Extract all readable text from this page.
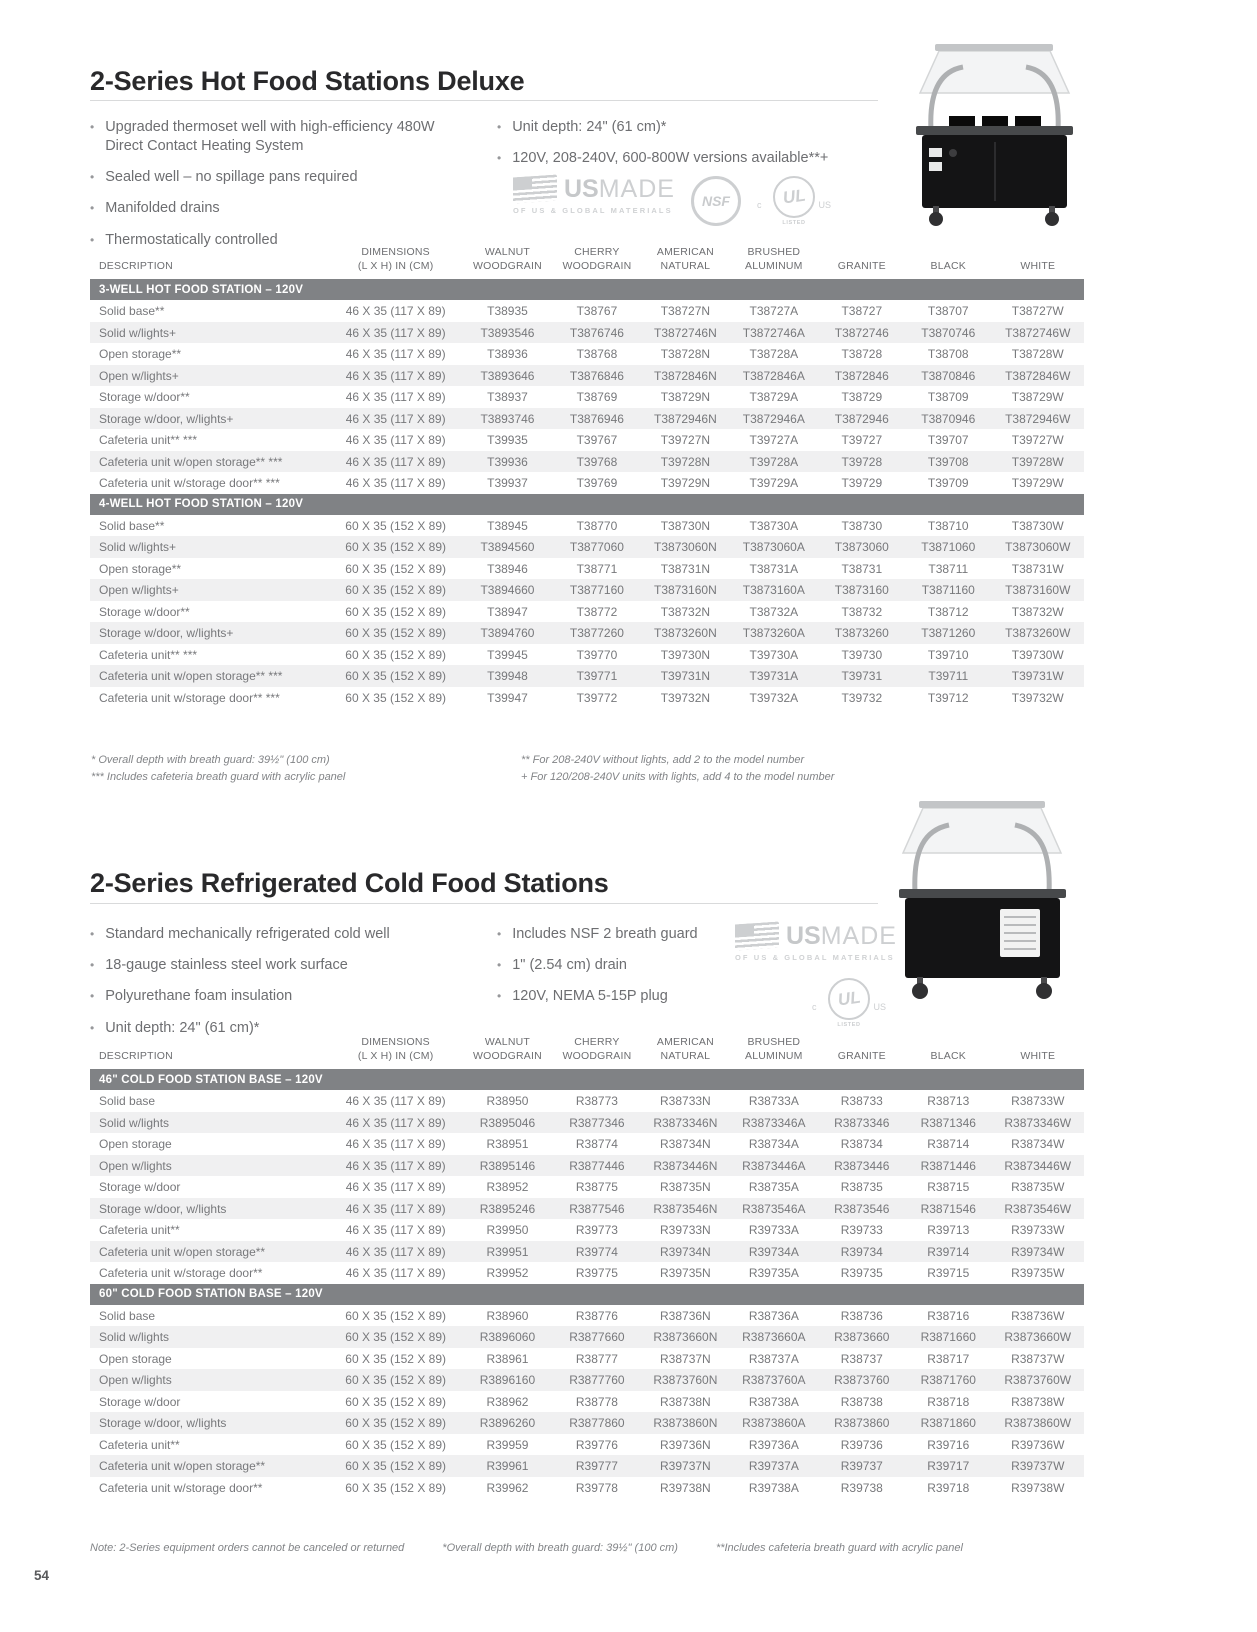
2-Series Hot Food Stations Deluxe
• Upgraded thermoset well with high-efficiency 480W Direct Contact Heating System
• Sealed well – no spillage pans required
• Manifolded drains
• Thermostatically controlled
• Unit depth: 24" (61 cm)*
• 120V, 208-240V, 600-800W versions available**+
USMADE
OF US & GLOBAL MATERIALS
NSF	UL
c	US
LISTED
DESCRIPTION

DIMENSIONS
(L X H) IN (CM)

WALNUT
WOODGRAIN

CHERRY
WOODGRAIN

AMERICAN
NATURAL

BRUSHED
ALUMINUM	GRANITE	BLACK	WHITE

3-WELL HOT FOOD STATION – 120V								
Solid base**	46 X 35 (117 X 89)	T38935	T38767	T38727N	T38727A	T38727	T38707	T38727W
Solid w/lights+	46 X 35 (117 X 89)	T3893546	T3876746	T3872746N	T3872746A	T3872746	T3870746	T3872746W
Open storage**	46 X 35 (117 X 89)	T38936	T38768	T38728N	T38728A	T38728	T38708	T38728W
Open w/lights+	46 X 35 (117 X 89)	T3893646	T3876846	T3872846N	T3872846A	T3872846	T3870846	T3872846W
Storage w/door**	46 X 35 (117 X 89)	T38937	T38769	T38729N	T38729A	T38729	T38709	T38729W
Storage w/door, w/lights+	46 X 35 (117 X 89)	T3893746	T3876946	T3872946N	T3872946A	T3872946	T3870946	T3872946W
Cafeteria unit** ***	46 X 35 (117 X 89)	T39935	T39767	T39727N	T39727A	T39727	T39707	T39727W
Cafeteria unit w/open storage** ***	46 X 35 (117 X 89)	T39936	T39768	T39728N	T39728A	T39728	T39708	T39728W
Cafeteria unit w/storage door** ***	46 X 35 (117 X 89)	T39937	T39769	T39729N	T39729A	T39729	T39709	T39729W
4-WELL HOT FOOD STATION – 120V								
Solid base**	60 X 35 (152 X 89)	T38945	T38770	T38730N	T38730A	T38730	T38710	T38730W
Solid w/lights+	60 X 35 (152 X 89)	T3894560	T3877060	T3873060N	T3873060A	T3873060	T3871060	T3873060W
Open storage**	60 X 35 (152 X 89)	T38946	T38771	T38731N	T38731A	T38731	T38711	T38731W
Open w/lights+	60 X 35 (152 X 89)	T3894660	T3877160	T3873160N	T3873160A	T3873160	T3871160	T3873160W
Storage w/door**	60 X 35 (152 X 89)	T38947	T38772	T38732N	T38732A	T38732	T38712	T38732W
Storage w/door, w/lights+	60 X 35 (152 X 89)	T3894760	T3877260	T3873260N	T3873260A	T3873260	T3871260	T3873260W
Cafeteria unit** ***	60 X 35 (152 X 89)	T39945	T39770	T39730N	T39730A	T39730	T39710	T39730W
Cafeteria unit w/open storage** ***	60 X 35 (152 X 89)	T39948	T39771	T39731N	T39731A	T39731	T39711	T39731W
Cafeteria unit w/storage door** ***	60 X 35 (152 X 89)	T39947	T39772	T39732N	T39732A	T39732	T39712	T39732W
* Overall depth with breath guard: 39½" (100 cm)
*** Includes cafeteria breath guard with acrylic panel
** For 208-240V without lights, add 2 to the model number
+ For 120/208-240V units with lights, add 4 to the model number
2-Series Refrigerated Cold Food Stations
• Standard mechanically refrigerated cold well
• 18-gauge stainless steel work surface
• Polyurethane foam insulation
• Unit depth: 24" (61 cm)*
• Includes NSF 2 breath guard
• 1" (2.54 cm) drain
• 120V, NEMA 5-15P plug
USMADE
OF US & GLOBAL MATERIALS
UL
c	US
LISTED
DESCRIPTION

DIMENSIONS
(L X H) IN (CM)

WALNUT
WOODGRAIN

CHERRY
WOODGRAIN

AMERICAN
NATURAL

BRUSHED
ALUMINUM	GRANITE	BLACK	WHITE

46" COLD FOOD STATION BASE – 120V								
Solid base	46 X 35 (117 X 89)	R38950	R38773	R38733N	R38733A	R38733	R38713	R38733W
Solid w/lights	46 X 35 (117 X 89)	R3895046	R3877346	R3873346N	R3873346A	R3873346	R3871346	R3873346W
Open storage	46 X 35 (117 X 89)	R38951	R38774	R38734N	R38734A	R38734	R38714	R38734W
Open w/lights	46 X 35 (117 X 89)	R3895146	R3877446	R3873446N	R3873446A	R3873446	R3871446	R3873446W
Storage w/door	46 X 35 (117 X 89)	R38952	R38775	R38735N	R38735A	R38735	R38715	R38735W
Storage w/door, w/lights	46 X 35 (117 X 89)	R3895246	R3877546	R3873546N	R3873546A	R3873546	R3871546	R3873546W
Cafeteria unit**	46 X 35 (117 X 89)	R39950	R39773	R39733N	R39733A	R39733	R39713	R39733W
Cafeteria unit w/open storage**	46 X 35 (117 X 89)	R39951	R39774	R39734N	R39734A	R39734	R39714	R39734W
Cafeteria unit w/storage door**	46 X 35 (117 X 89)	R39952	R39775	R39735N	R39735A	R39735	R39715	R39735W
60" COLD FOOD STATION BASE – 120V								
Solid base	60 X 35 (152 X 89)	R38960	R38776	R38736N	R38736A	R38736	R38716	R38736W
Solid w/lights	60 X 35 (152 X 89)	R3896060	R3877660	R3873660N	R3873660A	R3873660	R3871660	R3873660W
Open storage	60 X 35 (152 X 89)	R38961	R38777	R38737N	R38737A	R38737	R38717	R38737W
Open w/lights	60 X 35 (152 X 89)	R3896160	R3877760	R3873760N	R3873760A	R3873760	R3871760	R3873760W
Storage w/door	60 X 35 (152 X 89)	R38962	R38778	R38738N	R38738A	R38738	R38718	R38738W
Storage w/door, w/lights	60 X 35 (152 X 89)	R3896260	R3877860	R3873860N	R3873860A	R3873860	R3871860	R3873860W
Cafeteria unit**	60 X 35 (152 X 89)	R39959	R39776	R39736N	R39736A	R39736	R39716	R39736W
Cafeteria unit w/open storage**	60 X 35 (152 X 89)	R39961	R39777	R39737N	R39737A	R39737	R39717	R39737W
Cafeteria unit w/storage door**	60 X 35 (152 X 89)	R39962	R39778	R39738N	R39738A	R39738	R39718	R39738W
Note: 2-Series equipment orders cannot be canceled or returned	*Overall depth with breath guard: 39½" (100 cm)	**Includes cafeteria breath guard with acrylic panel
54
